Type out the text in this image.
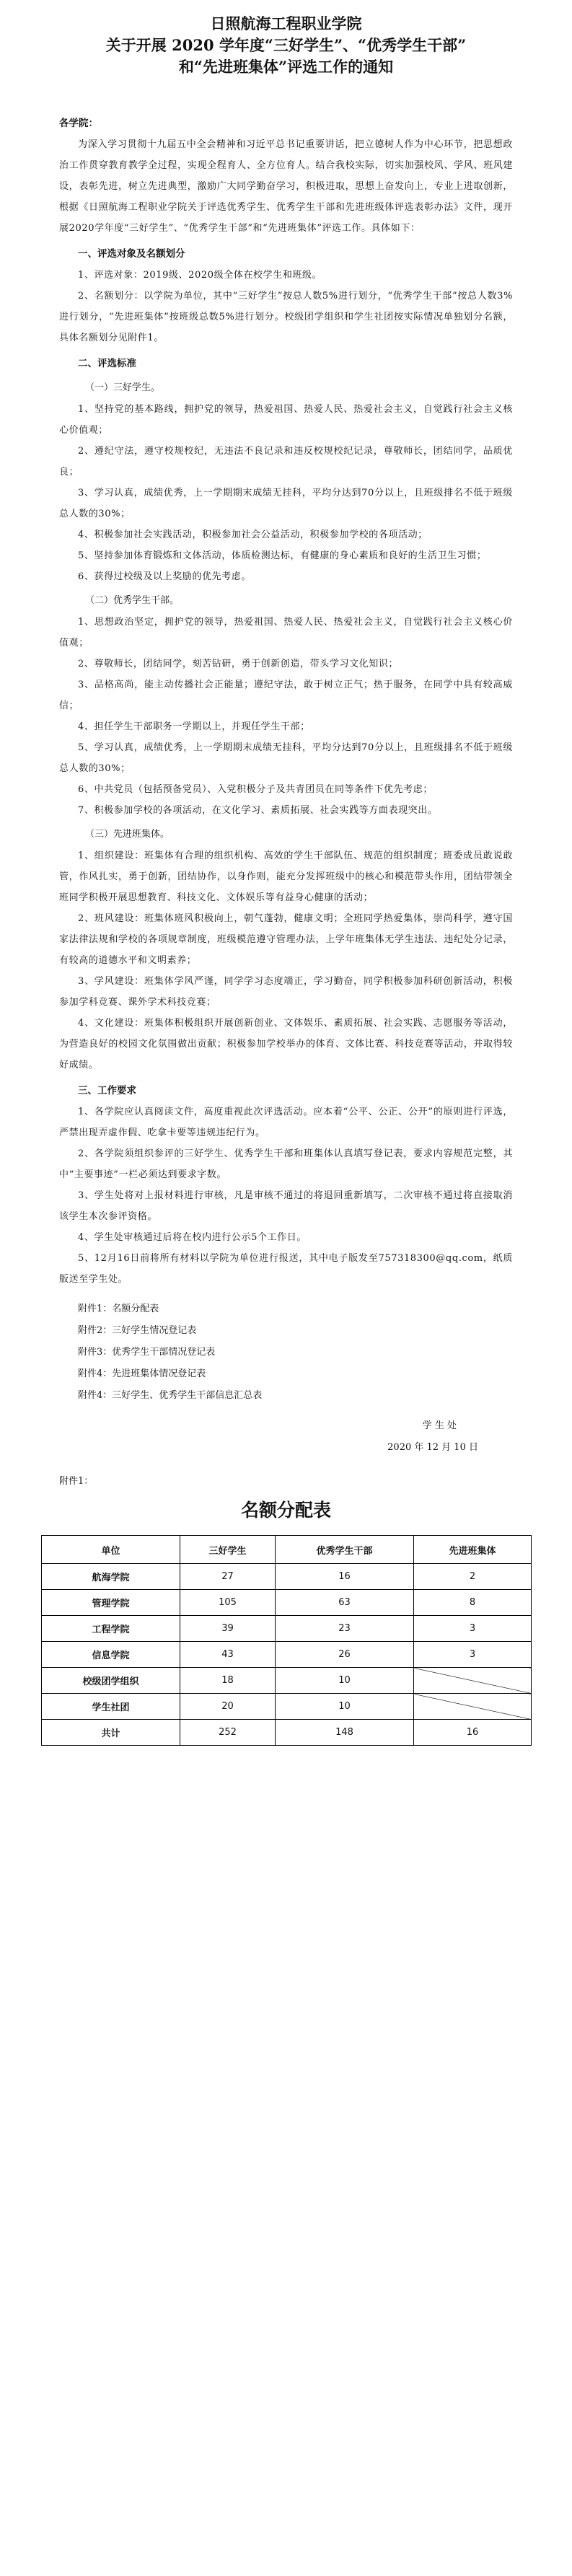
日照航海工程职业学院
关于开展 2020 学年度“三好学生”、“优秀学生干部”
和“先进班集体”评选工作的通知
各学院：
为深入学习贯彻十九届五中全会精神和习近平总书记重要讲话，把立德树人作为中心环节，把思想政治工作贯穿教育教学全过程，实现全程育人、全方位育人。结合我校实际，切实加强校风、学风、班风建设，表彰先进，树立先进典型，激励广大同学勤奋学习，积极进取，思想上奋发向上，专业上进取创新，根据《日照航海工程职业学院关于评选优秀学生、优秀学生干部和先进班级体评选表彰办法》文件，现开展2020学年度“三好学生”、“优秀学生干部”和“先进班集体”评选工作。具体如下：
一、评选对象及名额划分
1、评选对象：2019级、2020级全体在校学生和班级。
2、名额划分：以学院为单位，其中“三好学生”按总人数5%进行划分，“优秀学生干部”按总人数3%进行划分，“先进班集体”按班级总数5%进行划分。校级团学组织和学生社团按实际情况单独划分名额，具体名额划分见附件1。
二、评选标准
（一）三好学生。
1、坚持党的基本路线，拥护党的领导，热爱祖国、热爱人民、热爱社会主义，自觉践行社会主义核心价值观；
2、遵纪守法，遵守校规校纪，无违法不良记录和违反校规校纪记录，尊敬师长，团结同学，品质优良；
3、学习认真，成绩优秀，上一学期期末成绩无挂科，平均分达到70分以上，且班级排名不低于班级总人数的30%；
4、积极参加社会实践活动，积极参加社会公益活动，积极参加学校的各项活动；
5、坚持参加体育锻炼和文体活动，体质检测达标，有健康的身心素质和良好的生活卫生习惯；
6、获得过校级及以上奖励的优先考虑。
（二）优秀学生干部。
1、思想政治坚定，拥护党的领导，热爱祖国、热爱人民、热爱社会主义，自觉践行社会主义核心价值观；
2、尊敬师长，团结同学，刻苦钻研，勇于创新创造，带头学习文化知识；
3、品格高尚，能主动传播社会正能量；遵纪守法，敢于树立正气；热于服务，在同学中具有较高威信；
4、担任学生干部职务一学期以上，并现任学生干部；
5、学习认真，成绩优秀，上一学期期末成绩无挂科，平均分达到70分以上，且班级排名不低于班级总人数的30%；
6、中共党员（包括预备党员）、入党积极分子及共青团员在同等条件下优先考虑；
7、积极参加学校的各项活动，在文化学习、素质拓展、社会实践等方面表现突出。
（三）先进班集体。
1、组织建设：班集体有合理的组织机构、高效的学生干部队伍、规范的组织制度；班委成员敢说敢管，作风扎实，勇于创新，团结协作，以身作则，能充分发挥班级中的核心和模范带头作用，团结带领全班同学积极开展思想教育、科技文化、文体娱乐等有益身心健康的活动；
2、班风建设：班集体班风积极向上，朝气蓬勃，健康文明；全班同学热爱集体，崇尚科学，遵守国家法律法规和学校的各项规章制度，班级模范遵守管理办法，上学年班集体无学生违法、违纪处分记录，有较高的道德水平和文明素养；
3、学风建设：班集体学风严谨，同学学习态度端正，学习勤奋，同学积极参加科研创新活动，积极参加学科竞赛、课外学术科技竞赛；
4、文化建设：班集体积极组织开展创新创业、文体娱乐、素质拓展、社会实践、志愿服务等活动，为营造良好的校园文化氛围做出贡献；积极参加学校举办的体育、文体比赛、科技竞赛等活动，并取得较好成绩。
三、工作要求
1、各学院应认真阅读文件，高度重视此次评选活动。应本着“公平、公正、公开”的原则进行评选，严禁出现弄虚作假、吃拿卡要等违规违纪行为。
2、各学院须组织参评的三好学生、优秀学生干部和班集体认真填写登记表，要求内容规范完整，其中“主要事迹”一栏必须达到要求字数。
3、学生处将对上报材料进行审核，凡是审核不通过的将退回重新填写，二次审核不通过将直接取消该学生本次参评资格。
4、学生处审核通过后将在校内进行公示5个工作日。
5、12月16日前将所有材料以学院为单位进行报送，其中电子版发至757318300@qq.com，纸质版送至学生处。
附件1：名额分配表
附件2：三好学生情况登记表
附件3：优秀学生干部情况登记表
附件4：先进班集体情况登记表
附件4：三好学生、优秀学生干部信息汇总表
学 生 处
2020 年 12 月 10 日
附件1：
名额分配表
单位	三好学生	优秀学生干部	先进班集体
航海学院	27	16	2
管理学院	105	63	8
工程学院	39	23	3
信息学院	43	26	3
校级团学组织	18	10	
学生社团	20	10	
共计	252	148	16
